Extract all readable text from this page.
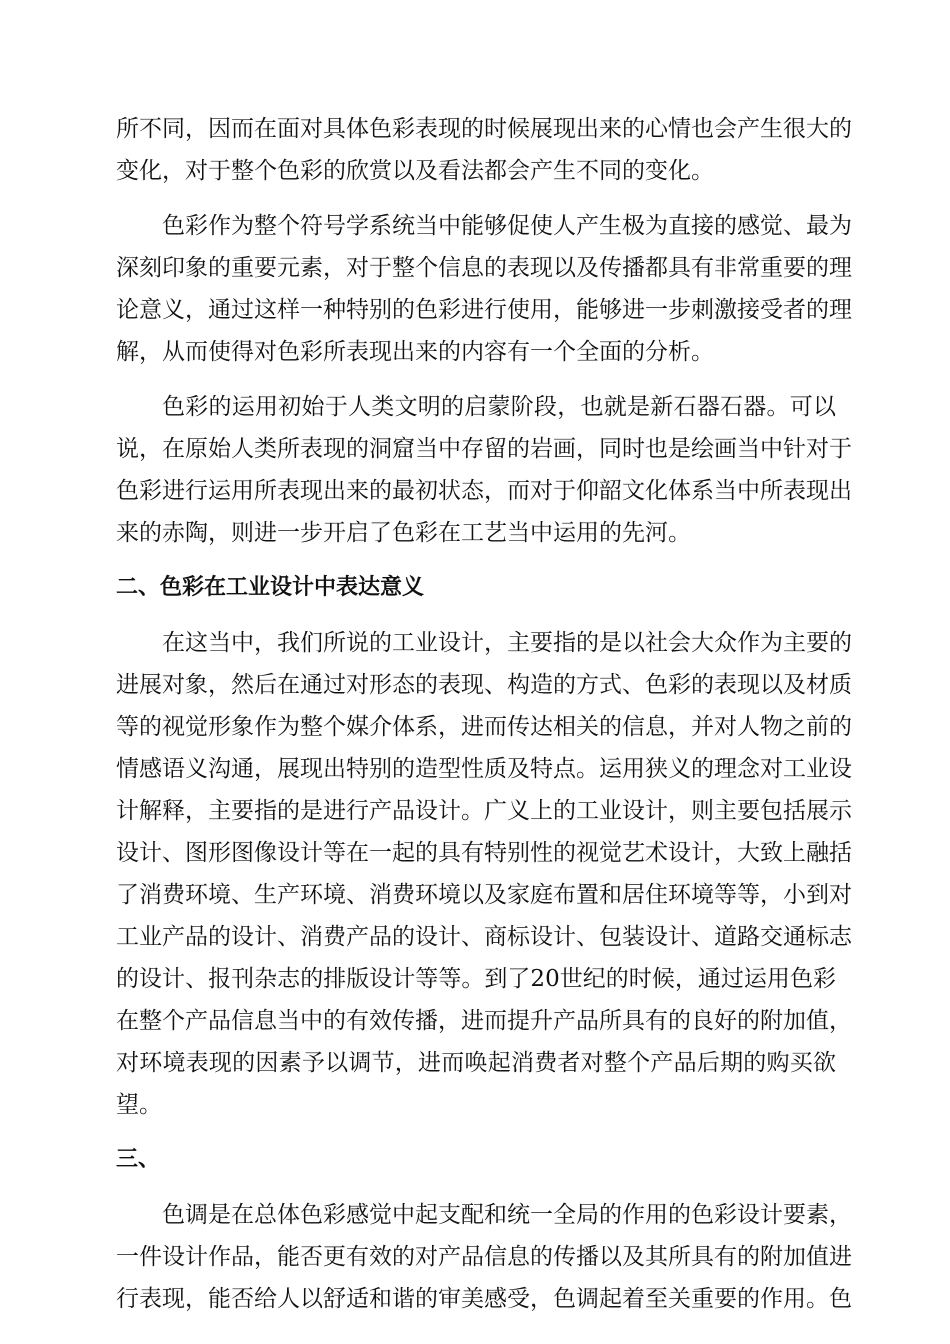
所不同，因而在面对具体色彩表现的时候展现出来的心情也会产生很大的
变化，对于整个色彩的欣赏以及看法都会产生不同的变化。
色彩作为整个符号学系统当中能够促使人产生极为直接的感觉、最为
深刻印象的重要元素，对于整个信息的表现以及传播都具有非常重要的理
论意义，通过这样一种特别的色彩进行使用，能够进一步刺激接受者的理
解，从而使得对色彩所表现出来的内容有一个全面的分析。
色彩的运用初始于人类文明的启蒙阶段，也就是新石器石器。可以
说，在原始人类所表现的洞窟当中存留的岩画，同时也是绘画当中针对于
色彩进行运用所表现出来的最初状态，而对于仰韶文化体系当中所表现出
来的赤陶，则进一步开启了色彩在工艺当中运用的先河。
二、色彩在工业设计中表达意义
在这当中，我们所说的工业设计，主要指的是以社会大众作为主要的
进展对象，然后在通过对形态的表现、构造的方式、色彩的表现以及材质
等的视觉形象作为整个媒介体系，进而传达相关的信息，并对人物之前的
情感语义沟通，展现出特别的造型性质及特点。运用狭义的理念对工业设
计解释，主要指的是进行产品设计。广义上的工业设计，则主要包括展示
设计、图形图像设计等在一起的具有特别性的视觉艺术设计，大致上融括
了消费环境、生产环境、消费环境以及家庭布置和居住环境等等，小到对
工业产品的设计、消费产品的设计、商标设计、包装设计、道路交通标志
的设计、报刊杂志的排版设计等等。到了20世纪的时候，通过运用色彩
在整个产品信息当中的有效传播，进而提升产品所具有的良好的附加值，
对环境表现的因素予以调节，进而唤起消费者对整个产品后期的购买欲
望。
三、
色调是在总体色彩感觉中起支配和统一全局的作用的色彩设计要素，
一件设计作品，能否更有效的对产品信息的传播以及其所具有的附加值进
行表现，能否给人以舒适和谐的审美感受，色调起着至关重要的作用。色
